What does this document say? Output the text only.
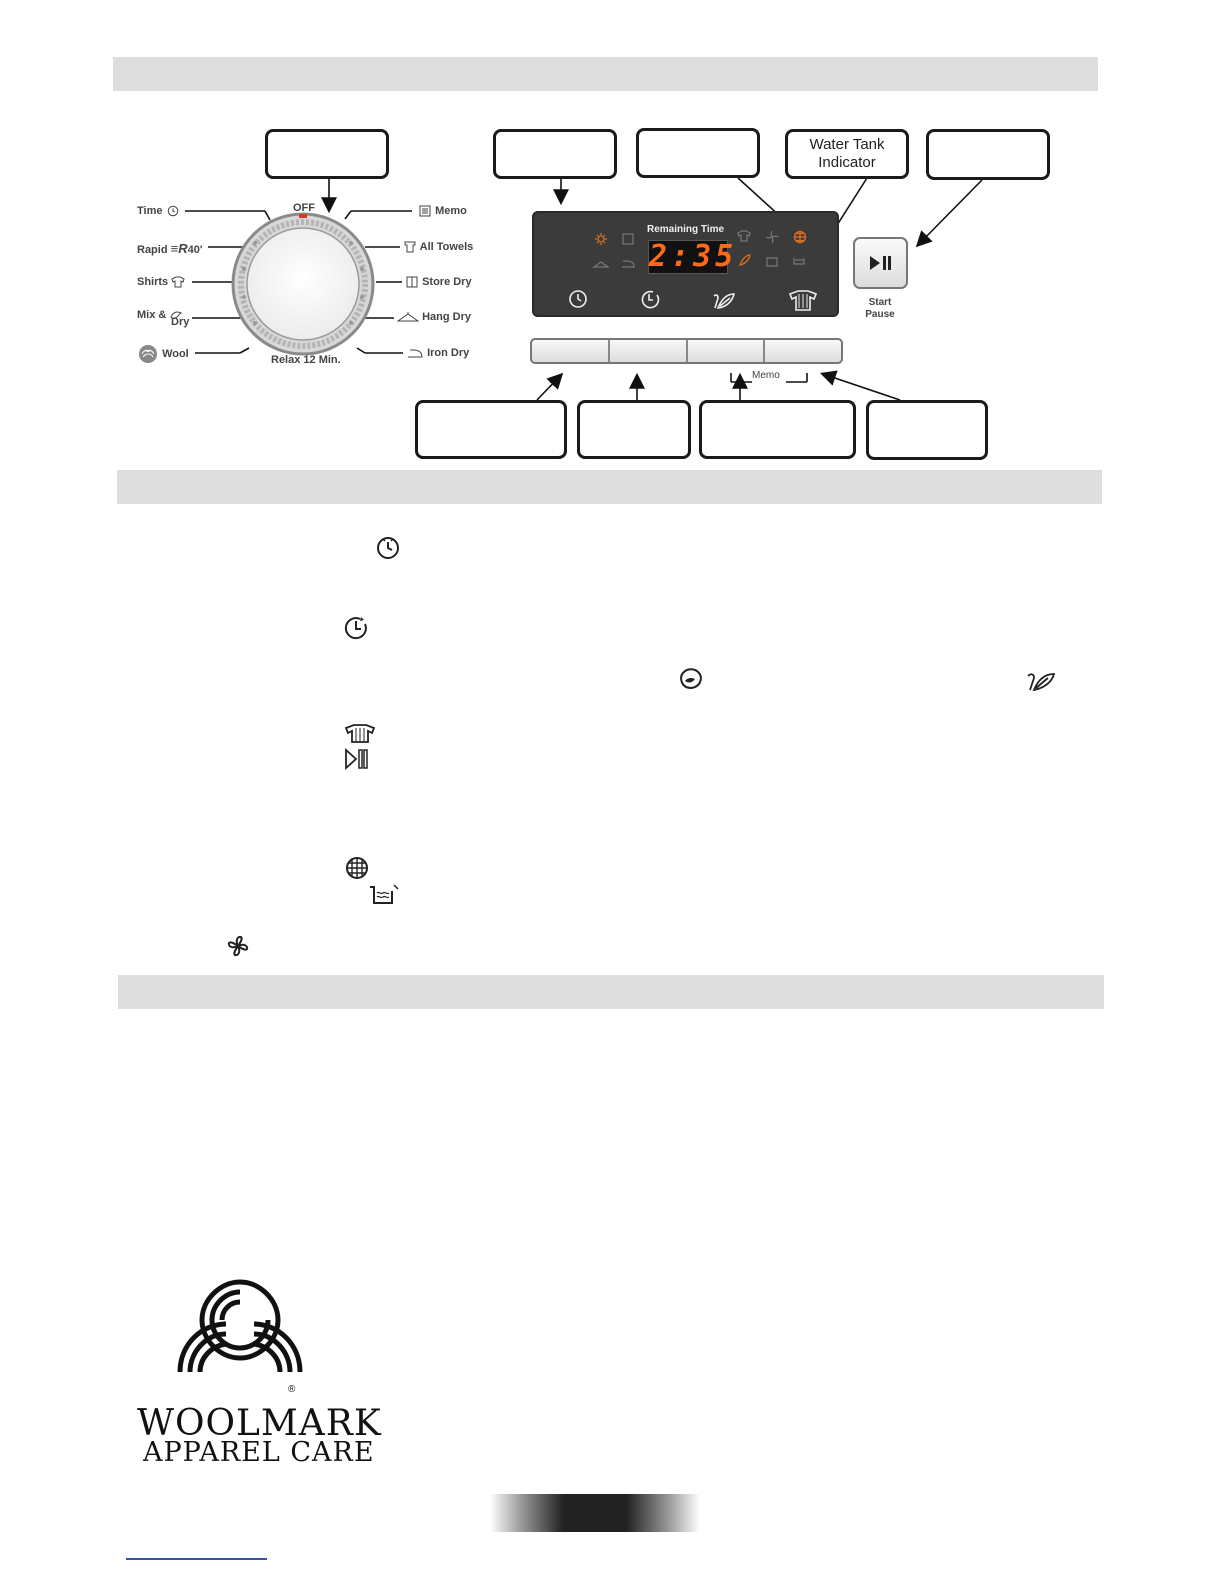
Water Tank
Indicator
OFF
Relax 12 Min.
Time
Rapid ≡R40'
Shirts
Mix &
Dry
Wool
Memo
All Towels
Store Dry
Hang Dry
Iron Dry
Remaining Time
2:35
Start
Pause
Memo
®
WOOLMARK
APPAREL CARE
